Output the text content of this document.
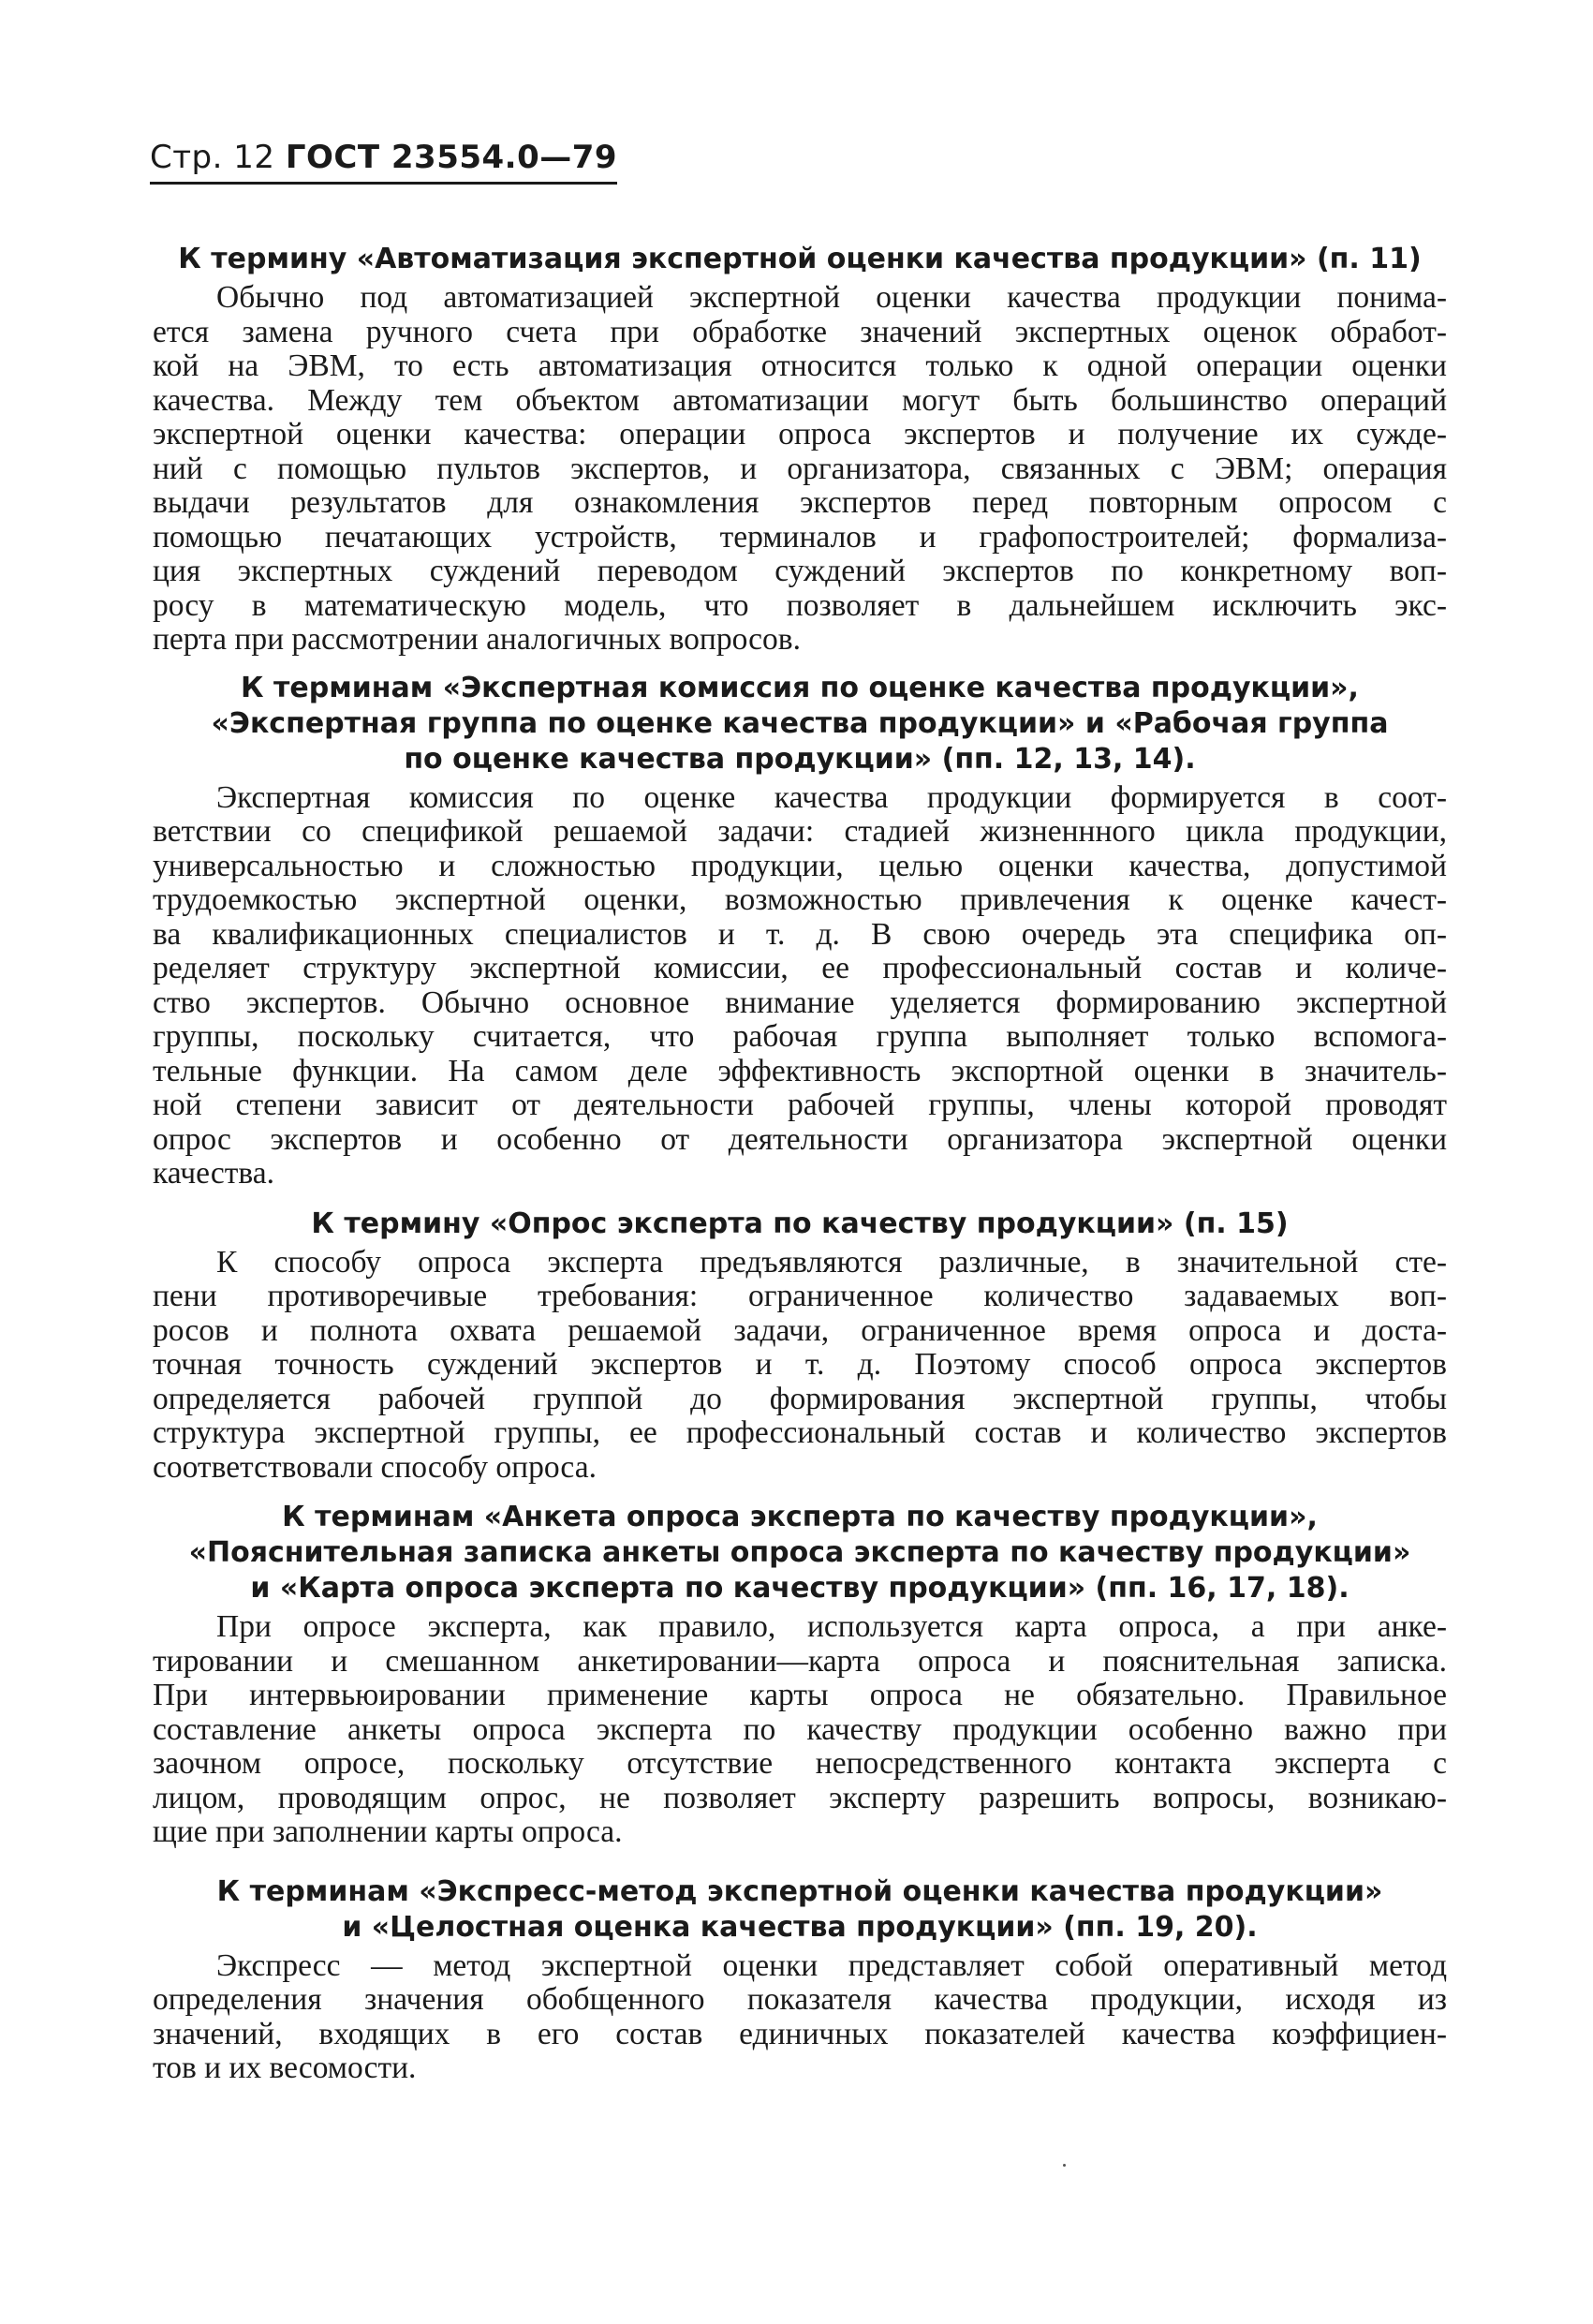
Стр. 12 ГОСТ 23554.0—79
К термину «Автоматизация экспертной оценки качества продукции» (п. 11)
Обычно под автоматизацией экспертной оценки качества продукции понима-
ется замена ручного счета при обработке значений экспертных оценок обработ-
кой на ЭВМ, то есть автоматизация относится только к одной операции оценки
качества. Между тем объектом автоматизации могут быть большинство операций
экспертной оценки качества: операции опроса экспертов и получение их сужде-
ний с помощью пультов экспертов, и организатора, связанных с ЭВМ; операция
выдачи результатов для ознакомления экспертов перед повторным опросом с
помощью печатающих устройств, терминалов и графопостроителей; формализа-
ция экспертных суждений переводом суждений экспертов по конкретному воп-
росу в математическую модель, что позволяет в дальнейшем исключить экс-
перта при рассмотрении аналогичных вопросов.
К терминам «Экспертная комиссия по оценке качества продукции»,
«Экспертная группа по оценке качества продукции» и «Рабочая группа
по оценке качества продукции» (пп. 12, 13, 14).
Экспертная комиссия по оценке качества продукции формируется в соот-
ветствии со спецификой решаемой задачи: стадией жизненнного цикла продукции,
универсальностью и сложностью продукции, целью оценки качества, допустимой
трудоемкостью экспертной оценки, возможностью привлечения к оценке качест-
ва квалификационных специалистов и т. д. В свою очередь эта специфика оп-
ределяет структуру экспертной комиссии, ее профессиональный состав и количе-
ство экспертов. Обычно основное внимание уделяется формированию экспертной
группы, поскольку считается, что рабочая группа выполняет только вспомога-
тельные функции. На самом деле эффективность экспортной оценки в значитель-
ной степени зависит от деятельности рабочей группы, члены которой проводят
опрос экспертов и особенно от деятельности организатора экспертной оценки
качества.
К термину «Опрос эксперта по качеству продукции» (п. 15)
К способу опроса эксперта предъявляются различные, в значительной сте-
пени противоречивые требования: ограниченное количество задаваемых воп-
росов и полнота охвата решаемой задачи, ограниченное время опроса и доста-
точная точность суждений экспертов и т. д. Поэтому способ опроса экспертов
определяется рабочей группой до формирования экспертной группы, чтобы
структура экспертной группы, ее профессиональный состав и количество экспертов
соответствовали способу опроса.
К терминам «Анкета опроса эксперта по качеству продукции»,
«Пояснительная записка анкеты опроса эксперта по качеству продукции»
и «Карта опроса эксперта по качеству продукции» (пп. 16, 17, 18).
При опросе эксперта, как правило, используется карта опроса, а при анке-
тировании и смешанном анкетировании—карта опроса и пояснительная записка.
При интервьюировании применение карты опроса не обязательно. Правильное
составление анкеты опроса эксперта по качеству продукции особенно важно при
заочном опросе, поскольку отсутствие непосредственного контакта эксперта с
лицом, проводящим опрос, не позволяет эксперту разрешить вопросы, возникаю-
щие при заполнении карты опроса.
К терминам «Экспресс-метод экспертной оценки качества продукции»
и «Целостная оценка качества продукции» (пп. 19, 20).
Экспресс — метод экспертной оценки представляет собой оперативный метод
определения значения обобщенного показателя качества продукции, исходя из
значений, входящих в его состав единичных показателей качества коэффициен-
тов и их весомости.
